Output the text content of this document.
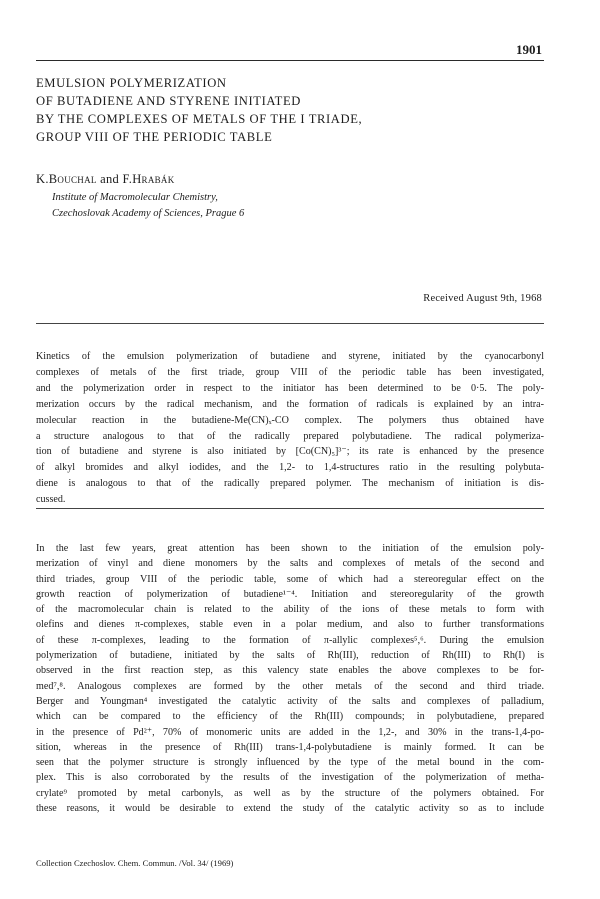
1901
EMULSION POLYMERIZATION
OF BUTADIENE AND STYRENE INITIATED
BY THE COMPLEXES OF METALS OF THE I TRIADE,
GROUP VIII OF THE PERIODIC TABLE
K.Bouchal and F.Hrabák
Institute of Macromolecular Chemistry,
Czechoslovak Academy of Sciences, Prague 6
Received August 9th, 1968
Kinetics of the emulsion polymerization of butadiene and styrene, initiated by the cyanocarbonyl
complexes of metals of the first triade, group VIII of the periodic table has been investigated,
and the polymerization order in respect to the initiator has been determined to be 0·5. The poly-
merization occurs by the radical mechanism, and the formation of radicals is explained by an intra-
molecular reaction in the butadiene-Me(CN)ₓ-CO complex. The polymers thus obtained have
a structure analogous to that of the radically prepared polybutadiene. The radical polymeriza-
tion of butadiene and styrene is also initiated by [Co(CN)₅]³⁻; its rate is enhanced by the presence
of alkyl bromides and alkyl iodides, and the 1,2- to 1,4-structures ratio in the resulting polybuta-
diene is analogous to that of the radically prepared polymer. The mechanism of initiation is dis-
cussed.
In the last few years, great attention has been shown to the initiation of the emulsion poly-
merization of vinyl and diene monomers by the salts and complexes of metals of the second and
third triades, group VIII of the periodic table, some of which had a stereoregular effect on the
growth reaction of polymerization of butadiene¹⁻⁴. Initiation and stereoregularity of the growth
of the macromolecular chain is related to the ability of the ions of these metals to form with
olefins and dienes π-complexes, stable even in a polar medium, and also to further transformations
of these π-complexes, leading to the formation of π-allylic complexes⁵,⁶. During the emulsion
polymerization of butadiene, initiated by the salts of Rh(III), reduction of Rh(III) to Rh(I) is
observed in the first reaction step, as this valency state enables the above complexes to be for-
med⁷,⁸. Analogous complexes are formed by the other metals of the second and third triade.
Berger and Youngman⁴ investigated the catalytic activity of the salts and complexes of palladium,
which can be compared to the efficiency of the Rh(III) compounds; in polybutadiene, prepared
in the presence of Pd²⁺, 70% of monomeric units are added in the 1,2-, and 30% in the trans-1,4-po-
sition, whereas in the presence of Rh(III) trans-1,4-polybutadiene is mainly formed. It can be
seen that the polymer structure is strongly influenced by the type of the metal bound in the com-
plex. This is also corroborated by the results of the investigation of the polymerization of metha-
crylate⁹ promoted by metal carbonyls, as well as by the structure of the polymers obtained. For
these reasons, it would be desirable to extend the study of the catalytic activity so as to include
Collection Czechoslov. Chem. Commun. /Vol. 34/ (1969)
